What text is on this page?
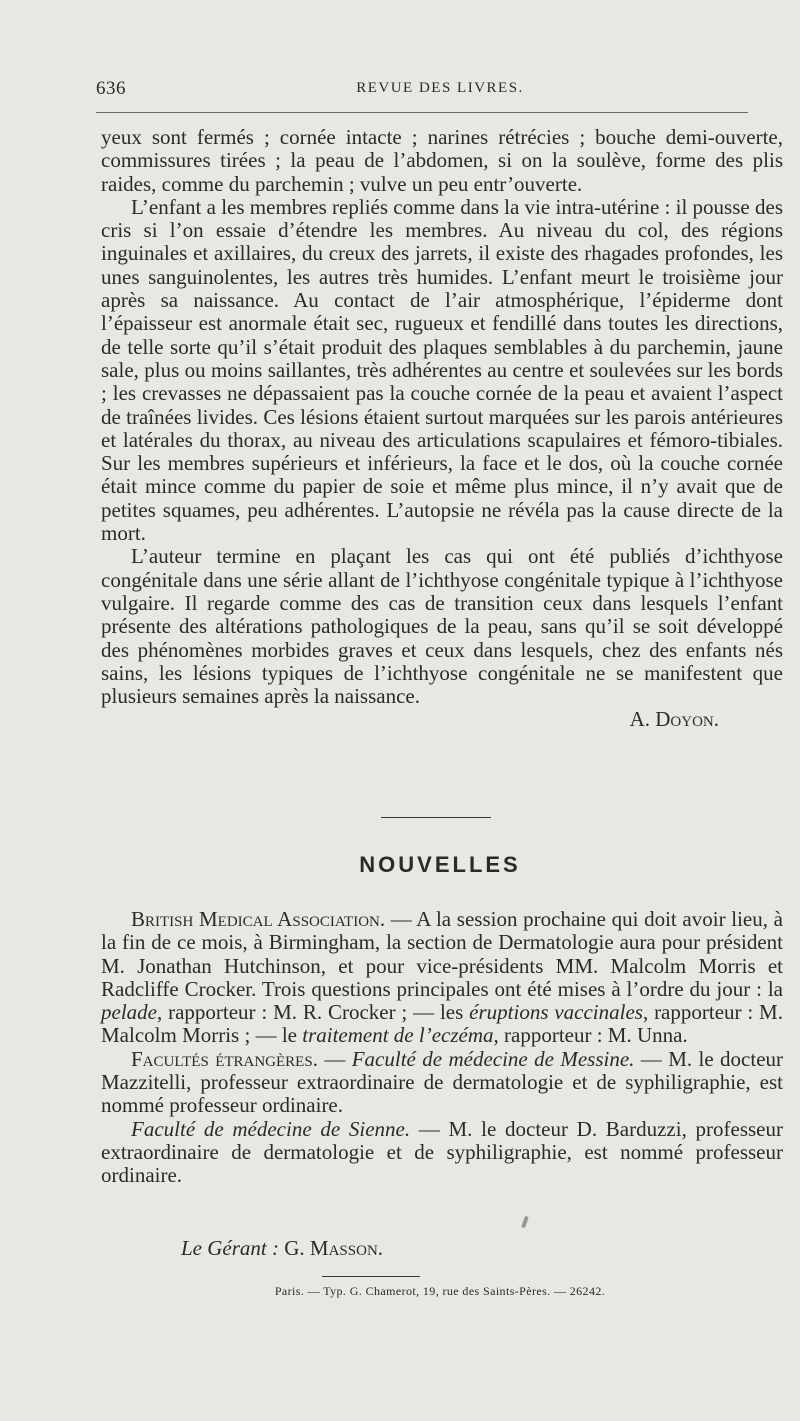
636	REVUE DES LIVRES.

yeux sont fermés ; cornée intacte ; narines rétrécies ; bouche demi-ouverte, commissures tirées ; la peau de l’abdomen, si on la soulève, forme des plis raides, comme du parchemin ; vulve un peu entr’ouverte.

L’enfant a les membres repliés comme dans la vie intra-utérine : il pousse des cris si l’on essaie d’étendre les membres. Au niveau du col, des régions inguinales et axillaires, du creux des jarrets, il existe des rhagades profondes, les unes sanguinolentes, les autres très humides. L’enfant meurt le troisième jour après sa naissance. Au contact de l’air atmosphérique, l’épiderme dont l’épaisseur est anormale était sec, rugueux et fendillé dans toutes les directions, de telle sorte qu’il s’était produit des plaques semblables à du parchemin, jaune sale, plus ou moins saillantes, très adhérentes au centre et soulevées sur les bords ; les crevasses ne dépassaient pas la couche cornée de la peau et avaient l’aspect de traînées livides. Ces lésions étaient surtout marquées sur les parois antérieures et latérales du thorax, au niveau des articulations scapulaires et fémoro-tibiales. Sur les membres supérieurs et inférieurs, la face et le dos, où la couche cornée était mince comme du papier de soie et même plus mince, il n’y avait que de petites squames, peu adhérentes. L’autopsie ne révéla pas la cause directe de la mort.

L’auteur termine en plaçant les cas qui ont été publiés d’ichthyose congénitale dans une série allant de l’ichthyose congénitale typique à l’ichthyose vulgaire. Il regarde comme des cas de transition ceux dans lesquels l’enfant présente des altérations pathologiques de la peau, sans qu’il se soit développé des phénomènes morbides graves et ceux dans lesquels, chez des enfants nés sains, les lésions typiques de l’ichthyose congénitale ne se manifestent que plusieurs semaines après la naissance.

A. Doyon.

NOUVELLES

British Medical Association. — A la session prochaine qui doit avoir lieu, à la fin de ce mois, à Birmingham, la section de Dermatologie aura pour président M. Jonathan Hutchinson, et pour vice-présidents MM. Malcolm Morris et Radcliffe Crocker. Trois questions principales ont été mises à l’ordre du jour : la pelade, rapporteur : M. R. Crocker ; — les éruptions vaccinales, rapporteur : M. Malcolm Morris ; — le traitement de l’eczéma, rapporteur : M. Unna.

Facultés étrangères. — Faculté de médecine de Messine. — M. le docteur Mazzitelli, professeur extraordinaire de dermatologie et de syphiligraphie, est nommé professeur ordinaire.

Faculté de médecine de Sienne. — M. le docteur D. Barduzzi, professeur extraordinaire de dermatologie et de syphiligraphie, est nommé professeur ordinaire.

Le Gérant : G. Masson.
Paris. — Typ. G. Chamerot, 19, rue des Saints-Pères. — 26242.
